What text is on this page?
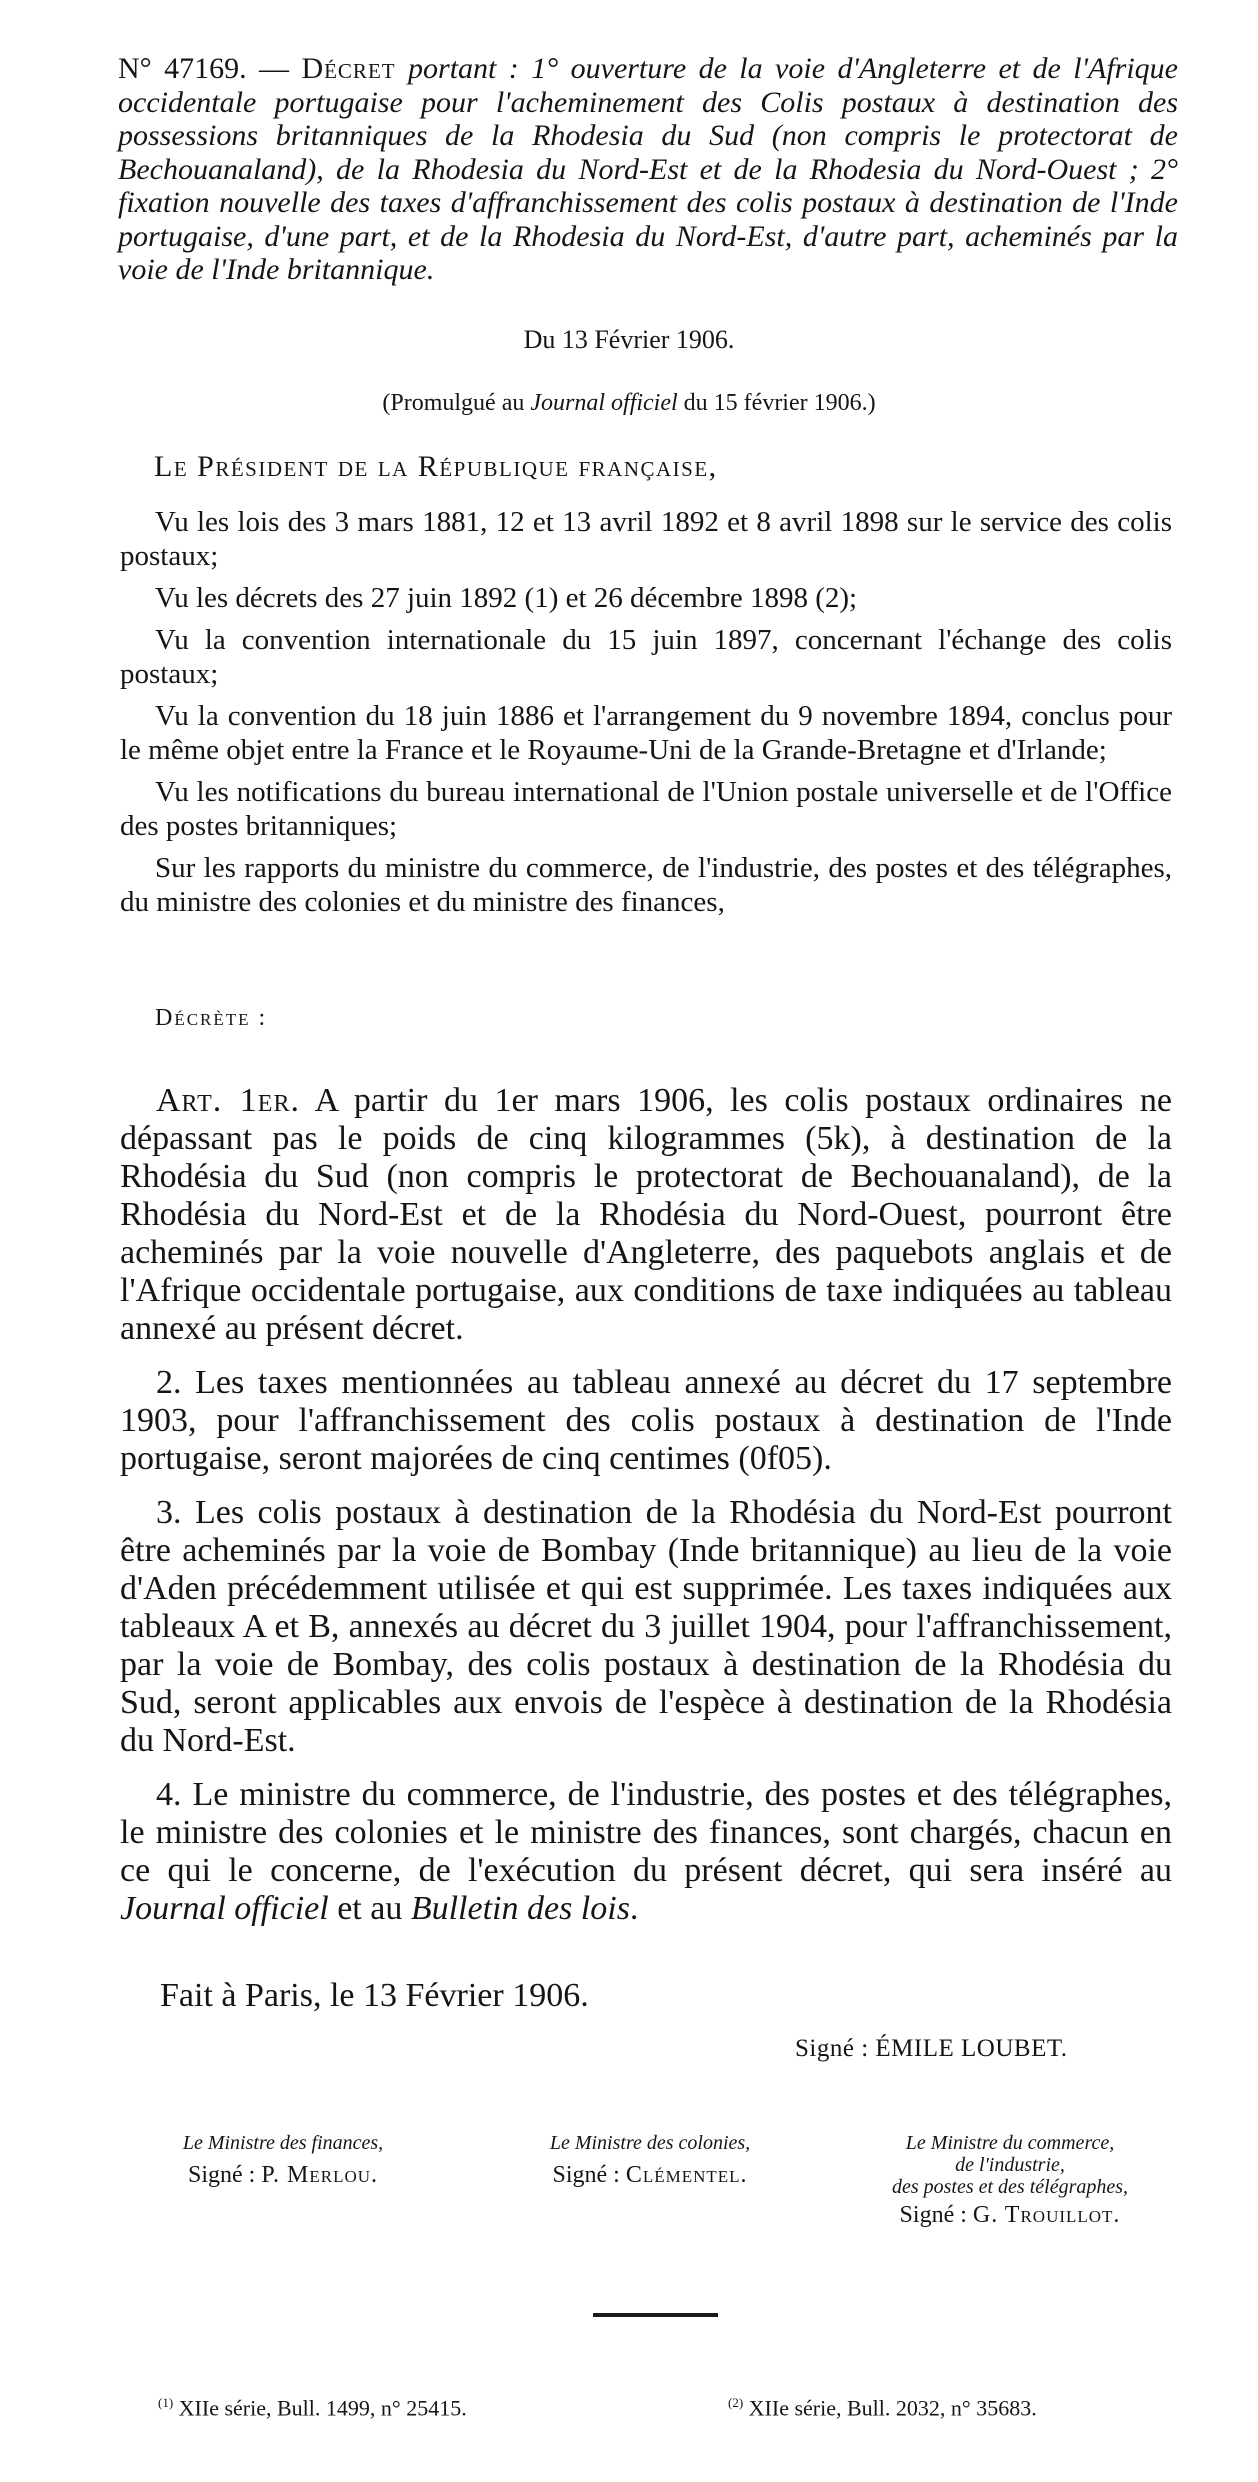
N° 47169. — Décret portant : 1° ouverture de la voie d'Angleterre et de l'Afrique occidentale portugaise pour l'acheminement des Colis postaux à destination des possessions britanniques de la Rhodesia du Sud (non compris le protectorat de Bechouanaland), de la Rhodesia du Nord-Est et de la Rhodesia du Nord-Ouest ; 2° fixation nouvelle des taxes d'affranchissement des colis postaux à destination de l'Inde portugaise, d'une part, et de la Rhodesia du Nord-Est, d'autre part, acheminés par la voie de l'Inde britannique.
Du 13 Février 1906.
(Promulgué au Journal officiel du 15 février 1906.)
Le Président de la République française,

Vu les lois des 3 mars 1881, 12 et 13 avril 1892 et 8 avril 1898 sur le service des colis postaux;

Vu les décrets des 27 juin 1892 (1) et 26 décembre 1898 (2);

Vu la convention internationale du 15 juin 1897, concernant l'échange des colis postaux;

Vu la convention du 18 juin 1886 et l'arrangement du 9 novembre 1894, conclus pour le même objet entre la France et le Royaume-Uni de la Grande-Bretagne et d'Irlande;

Vu les notifications du bureau international de l'Union postale universelle et de l'Office des postes britanniques;

Sur les rapports du ministre du commerce, de l'industrie, des postes et des télégraphes, du ministre des colonies et du ministre des finances,

Décrète :

Art. 1er. A partir du 1er mars 1906, les colis postaux ordinaires ne dépassant pas le poids de cinq kilogrammes (5k), à destination de la Rhodésia du Sud (non compris le protectorat de Bechouanaland), de la Rhodésia du Nord-Est et de la Rhodésia du Nord-Ouest, pourront être acheminés par la voie nouvelle d'Angleterre, des paquebots anglais et de l'Afrique occidentale portugaise, aux conditions de taxe indiquées au tableau annexé au présent décret.

2. Les taxes mentionnées au tableau annexé au décret du 17 septembre 1903, pour l'affranchissement des colis postaux à destination de l'Inde portugaise, seront majorées de cinq centimes (0f05).

3. Les colis postaux à destination de la Rhodésia du Nord-Est pourront être acheminés par la voie de Bombay (Inde britannique) au lieu de la voie d'Aden précédemment utilisée et qui est supprimée. Les taxes indiquées aux tableaux A et B, annexés au décret du 3 juillet 1904, pour l'affranchissement, par la voie de Bombay, des colis postaux à destination de la Rhodésia du Sud, seront applicables aux envois de l'espèce à destination de la Rhodésia du Nord-Est.

4. Le ministre du commerce, de l'industrie, des postes et des télégraphes, le ministre des colonies et le ministre des finances, sont chargés, chacun en ce qui le concerne, de l'exécution du présent décret, qui sera inséré au Journal officiel et au Bulletin des lois.

Fait à Paris, le 13 Février 1906.
Signé : ÉMILE LOUBET.
Le Ministre des finances,
Signé : P. Merlou.
Le Ministre des colonies,
Signé : Clémentel.
Le Ministre du commerce,
de l'industrie,
des postes et des télégraphes,
Signé : G. Trouillot.
$^{(1)}$ XIIe série, Bull. 1499, n° 25415.	$^{(2)}$ XIIe série, Bull. 2032, n° 35683.
